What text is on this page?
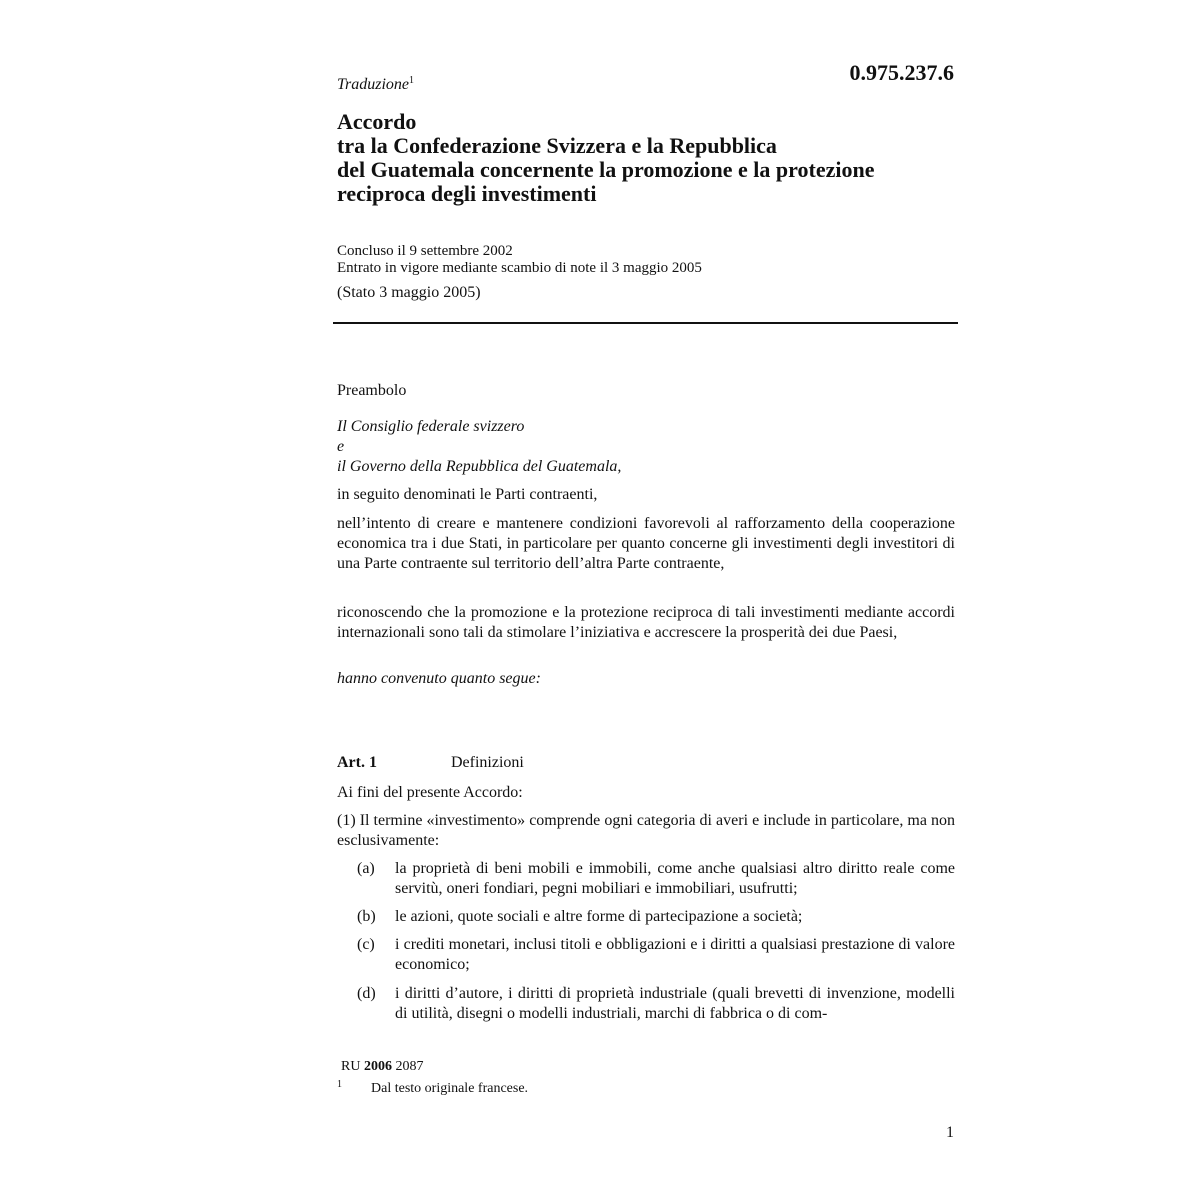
0.975.237.6
Traduzione$^1$
Accordo
tra la Confederazione Svizzera e la Repubblica
del Guatemala concernente la promozione e la protezione
reciproca degli investimenti
Concluso il 9 settembre 2002
Entrato in vigore mediante scambio di note il 3 maggio 2005
(Stato 3 maggio 2005)
Preambolo
Il Consiglio federale svizzero
e
il Governo della Repubblica del Guatemala,
in seguito denominati le Parti contraenti,
nell’intento di creare e mantenere condizioni favorevoli al rafforzamento della cooperazione economica tra i due Stati, in particolare per quanto concerne gli investimenti degli investitori di una Parte contraente sul territorio dell’altra Parte contraente,
riconoscendo che la promozione e la protezione reciproca di tali investimenti mediante accordi internazionali sono tali da stimolare l’iniziativa e accrescere la prosperità dei due Paesi,
hanno convenuto quanto segue:
Art. 1	Definizioni
Ai fini del presente Accordo:
(1) Il termine «investimento» comprende ogni categoria di averi e include in particolare, ma non esclusivamente:
(a)	la proprietà di beni mobili e immobili, come anche qualsiasi altro diritto reale come servitù, oneri fondiari, pegni mobiliari e immobiliari, usufrutti;
(b)	le azioni, quote sociali e altre forme di partecipazione a società;
(c)	i crediti monetari, inclusi titoli e obbligazioni e i diritti a qualsiasi prestazione di valore economico;
(d)	i diritti d’autore, i diritti di proprietà industriale (quali brevetti di invenzione, modelli di utilità, disegni o modelli industriali, marchi di fabbrica o di com-
RU 2006 2087
1 Dal testo originale francese.
1
